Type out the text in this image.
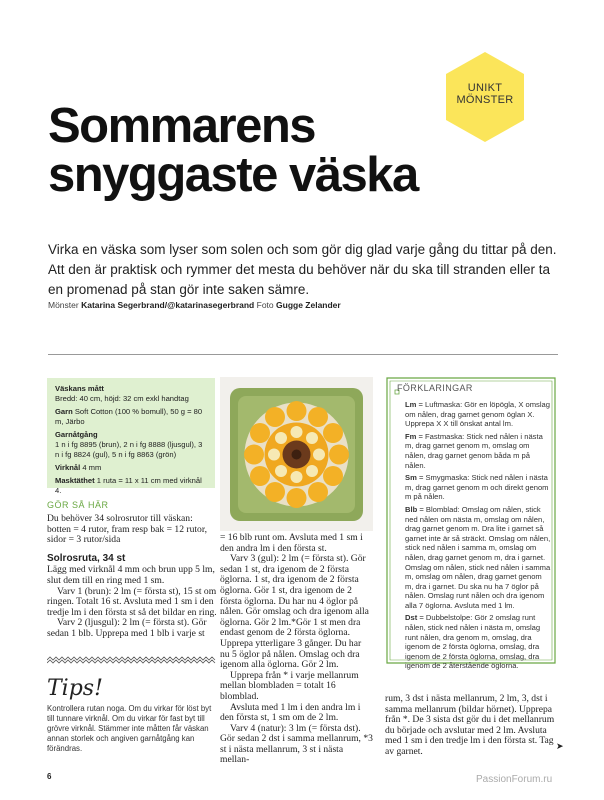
UNIKT
MÖNSTER
Sommarens
snyggaste väska
Virka en väska som lyser som solen och som gör dig glad varje gång du tittar på den. Att den är praktisk och rymmer det mesta du behöver när du ska till stranden eller ta en promenad på stan gör inte saken sämre.
Mönster Katarina Segerbrand/@katarinasegerbrand Foto Gugge Zelander

Väskans mått
Bredd: 40 cm, höjd: 32 cm exkl handtag

Garn Soft Cotton (100 % bomull), 50 g = 80 m, Järbo

Garnåtgång
1 n i fg 8895 (brun), 2 n i fg 8888 (ljusgul), 3 n i fg 8824 (gul), 5 n i fg 8863 (grön)

Virknål 4 mm

Masktäthet 1 ruta = 11 x 11 cm med virknål 4.

GÖR SÅ HÄR

Du behöver 34 solrosrutor till väskan: botten = 4 rutor, fram resp bak = 12 rutor, sidor = 3 rutor/sida

Solrosruta, 34 st

Lägg med virknål 4 mm och brun upp 5 lm, slut dem till en ring med 1 sm.

Varv 1 (brun): 2 lm (= första st), 15 st om ringen. Totalt 16 st. Avsluta med 1 sm i den tredje lm i den första st så det bildar en ring.

Varv 2 (ljusgul): 2 lm (= första st). Gör sedan 1 blb. Upprepa med 1 blb i varje st

Tips!
Kontrollera rutan noga. Om du virkar för löst byt till tunnare virknål. Om du virkar för fast byt till grövre virknål. Stämmer inte måtten får väskan annan storlek och angiven garnåtgång kan förändras.

= 16 blb runt om. Avsluta med 1 sm i den andra lm i den första st.

Varv 3 (gul): 2 lm (= första st). Gör sedan 1 st, dra igenom de 2 första öglorna. 1 st, dra igenom de 2 första öglorna. Gör 1 st, dra igenom de 2 första öglorna. Du har nu 4 öglor på nålen. Gör omslag och dra igenom alla öglorna. Gör 2 lm.*Gör 1 st men dra endast genom de 2 första öglorna. Upprepa ytterligare 3 gånger. Du har nu 5 öglor på nålen. Omslag och dra igenom alla öglorna. Gör 2 lm.

Upprepa från * i varje mellanrum mellan blombladen = totalt 16 blomblad.

Avsluta med 1 lm i den andra lm i den första st, 1 sm om de 2 lm.

Varv 4 (natur): 3 lm (= första dst). Gör sedan 2 dst i samma mellanrum, *3 st i nästa mellanrum, 3 st i nästa mellan-

FÖRKLARINGAR

Lm = Luftmaska: Gör en löpögla, X omslag om nålen, drag garnet genom öglan X. Upprepa X X till önskat antal lm.

Fm = Fastmaska: Stick ned nålen i nästa m, drag garnet genom m, omslag om nålen, drag garnet genom båda m på nålen.

Sm = Smygmaska: Stick ned nålen i nästa m, drag garnet genom m och direkt genom m på nålen.

Blb = Blomblad: Omslag om nålen, stick ned nålen om nästa m, omslag om nålen, drag garnet genom m. Dra lite i garnet så garnet inte är så sträckt. Omslag om nålen, stick ned nålen i samma m, omslag om nålen, drag garnet genom m, dra i garnet. Omslag om nålen, stick ned nålen i samma m, omslag om nålen, drag garnet genom m, dra i garnet. Du ska nu ha 7 öglor på nålen. Omslag runt nålen och dra igenom alla 7 öglorna. Avsluta med 1 lm.

Dst = Dubbelstolpe: Gör 2 omslag runt nålen, stick ned nålen i nästa m, omslag runt nålen, dra genom m, omslag, dra igenom de 2 första öglorna, omslag, dra igenom de 2 första öglorna, omslag, dra igenom de 2 återstående öglorna.

rum, 3 dst i nästa mellanrum, 2 lm, 3, dst i samma mellanrum (bildar hörnet). Upprepa från *. De 3 sista dst gör du i det mellanrum du började och avslutar med 2 lm. Avsluta med 1 sm i den tredje lm i den första st. Tag av garnet.	➤
6	PassionForum.ru
